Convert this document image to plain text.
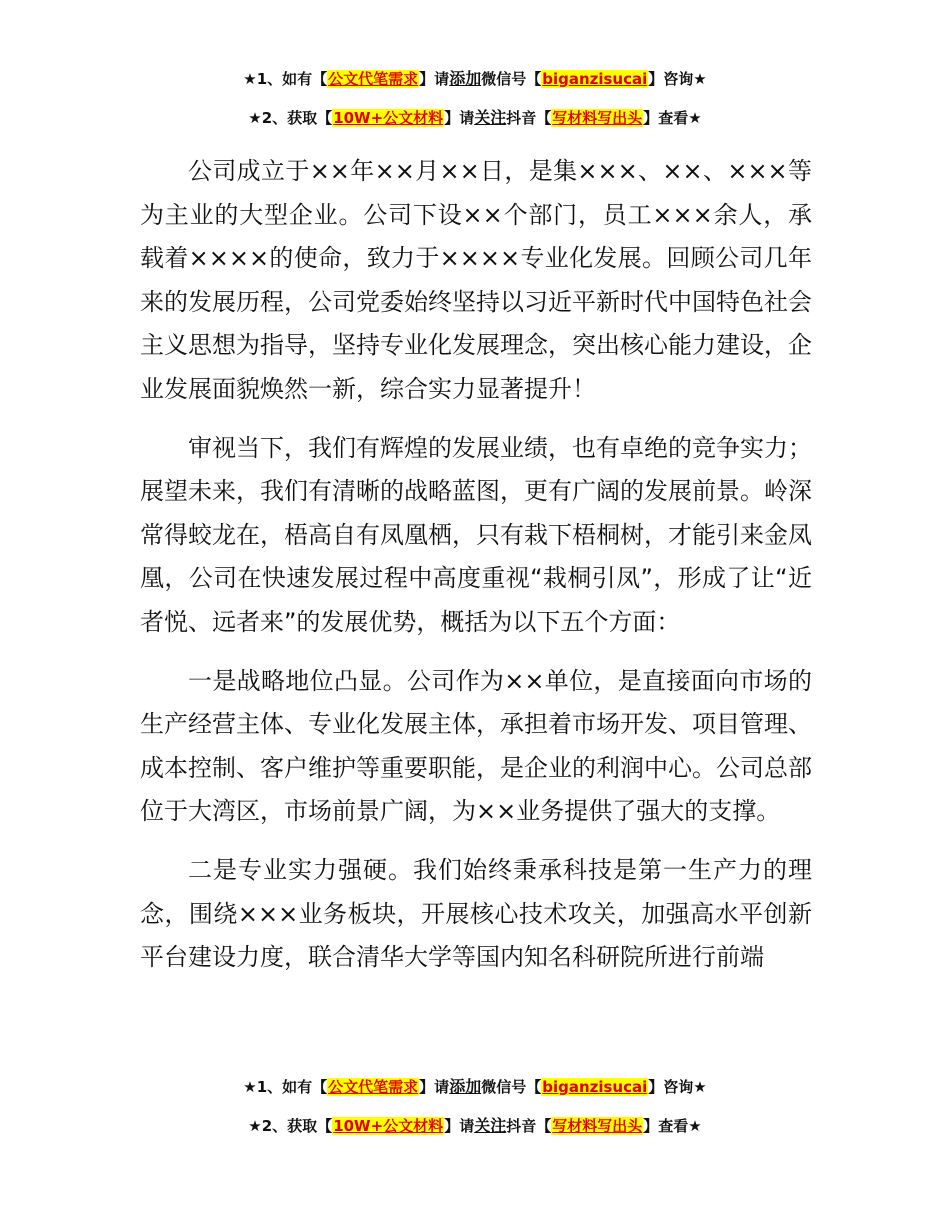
★1、如有【公文代笔需求】请添加微信号【biganzisucai】咨询★
★2、获取【10W+公文材料】请关注抖音【写材料写出头】查看★

公司成立于××年××月××日，是集×××、××、×××等为主业的大型企业。公司下设××个部门，员工×××余人，承载着××××的使命，致力于××××专业化发展。回顾公司几年来的发展历程，公司党委始终坚持以习近平新时代中国特色社会主义思想为指导，坚持专业化发展理念，突出核心能力建设，企业发展面貌焕然一新，综合实力显著提升！

审视当下，我们有辉煌的发展业绩，也有卓绝的竞争实力；展望未来，我们有清晰的战略蓝图，更有广阔的发展前景。岭深常得蛟龙在，梧高自有凤凰栖，只有栽下梧桐树，才能引来金凤凰，公司在快速发展过程中高度重视“栽桐引凤”，形成了让“近者悦、远者来”的发展优势，概括为以下五个方面：

一是战略地位凸显。公司作为××单位，是直接面向市场的生产经营主体、专业化发展主体，承担着市场开发、项目管理、成本控制、客户维护等重要职能，是企业的利润中心。公司总部位于大湾区，市场前景广阔，为××业务提供了强大的支撑。

二是专业实力强硬。我们始终秉承科技是第一生产力的理念，围绕×××业务板块，开展核心技术攻关，加强高水平创新平台建设力度，联合清华大学等国内知名科研院所进行前端

★1、如有【公文代笔需求】请添加微信号【biganzisucai】咨询★
★2、获取【10W+公文材料】请关注抖音【写材料写出头】查看★
